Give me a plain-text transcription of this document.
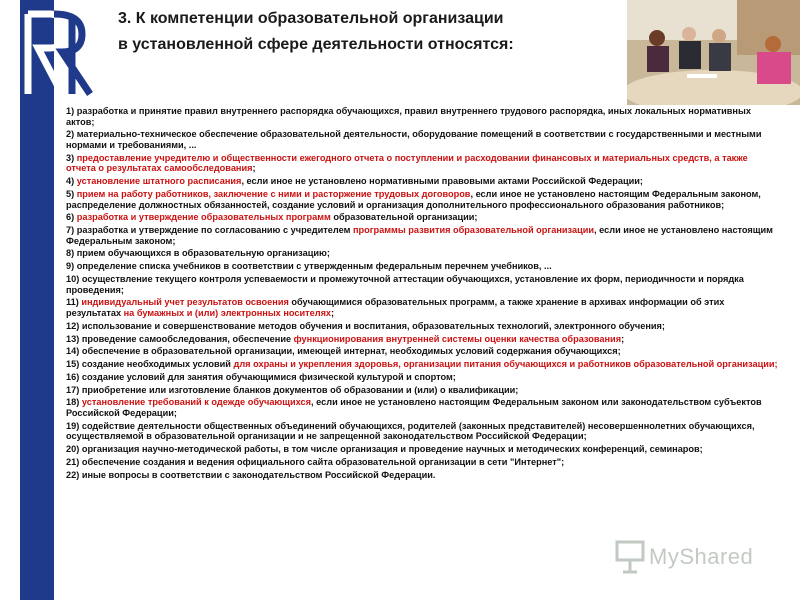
3. К компетенции образовательной организации
в установленной сфере деятельности относятся:
1) разработка и принятие правил внутреннего распорядка обучающихся, правил внутреннего трудового распорядка, иных локальных нормативных актов;
2) материально-техническое обеспечение образовательной деятельности, оборудование помещений в соответствии с государственными и местными нормами и требованиями, ...
3) предоставление учредителю и общественности ежегодного отчета о поступлении и расходовании финансовых и материальных средств, а также отчета о результатах самообследования;
4) установление штатного расписания, если иное не установлено нормативными правовыми актами Российской Федерации;
5) прием на работу работников, заключение с ними и расторжение трудовых договоров, если иное не установлено настоящим Федеральным законом, распределение должностных обязанностей, создание условий и организация дополнительного профессионального образования работников;
6) разработка и утверждение образовательных программ образовательной организации;
7) разработка и утверждение по согласованию с учредителем программы развития образовательной организации, если иное не установлено настоящим Федеральным законом;
8) прием обучающихся в образовательную организацию;
9) определение списка учебников в соответствии с утвержденным федеральным перечнем учебников, ...
10) осуществление текущего контроля успеваемости и промежуточной аттестации обучающихся, установление их форм, периодичности и порядка проведения;
11) индивидуальный учет результатов освоения обучающимися образовательных программ, а также хранение в архивах информации об этих результатах на бумажных и (или) электронных носителях;
12) использование и совершенствование методов обучения и воспитания, образовательных технологий, электронного обучения;
13) проведение самообследования, обеспечение функционирования внутренней системы оценки качества образования;
14) обеспечение в образовательной организации, имеющей интернат, необходимых условий содержания обучающихся;
15) создание необходимых условий для охраны и укрепления здоровья, организации питания обучающихся и работников образовательной организации;
16) создание условий для занятия обучающимися физической культурой и спортом;
17) приобретение или изготовление бланков документов об образовании и (или) о квалификации;
18) установление требований к одежде обучающихся, если иное не установлено настоящим Федеральным законом или законодательством субъектов Российской Федерации;
19) содействие деятельности общественных объединений обучающихся, родителей (законных представителей) несовершеннолетних обучающихся, осуществляемой в образовательной организации и не запрещенной законодательством Российской Федерации;
20) организация научно-методической работы, в том числе организация и проведение научных и методических конференций, семинаров;
21) обеспечение создания и ведения официального сайта образовательной организации в сети "Интернет";
22) иные вопросы в соответствии с законодательством Российской Федерации.
MyShared
